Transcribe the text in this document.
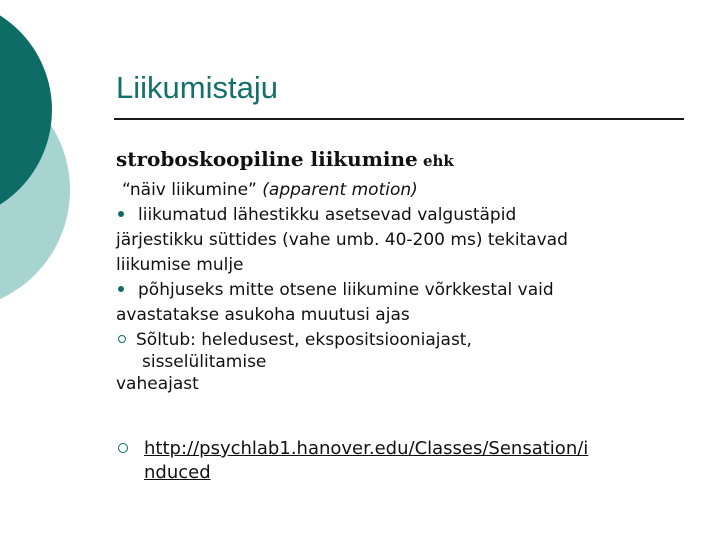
Liikumistaju
stroboskoopiline liikumine ehk
“näiv liikumine” (apparent motion)
liikumatud lähestikku asetsevad valgustäpid
järjestikku süttides (vahe umb. 40-200 ms) tekitavad
liikumise mulje
põhjuseks mitte otsene liikumine võrkkestal vaid
avastatakse asukoha muutusi ajas
Sõltub: heledusest, ekspositsiooniajast,
sisselülitamise
vaheajast
http://psychlab1.hanover.edu/Classes/Sensation/i
nduced
